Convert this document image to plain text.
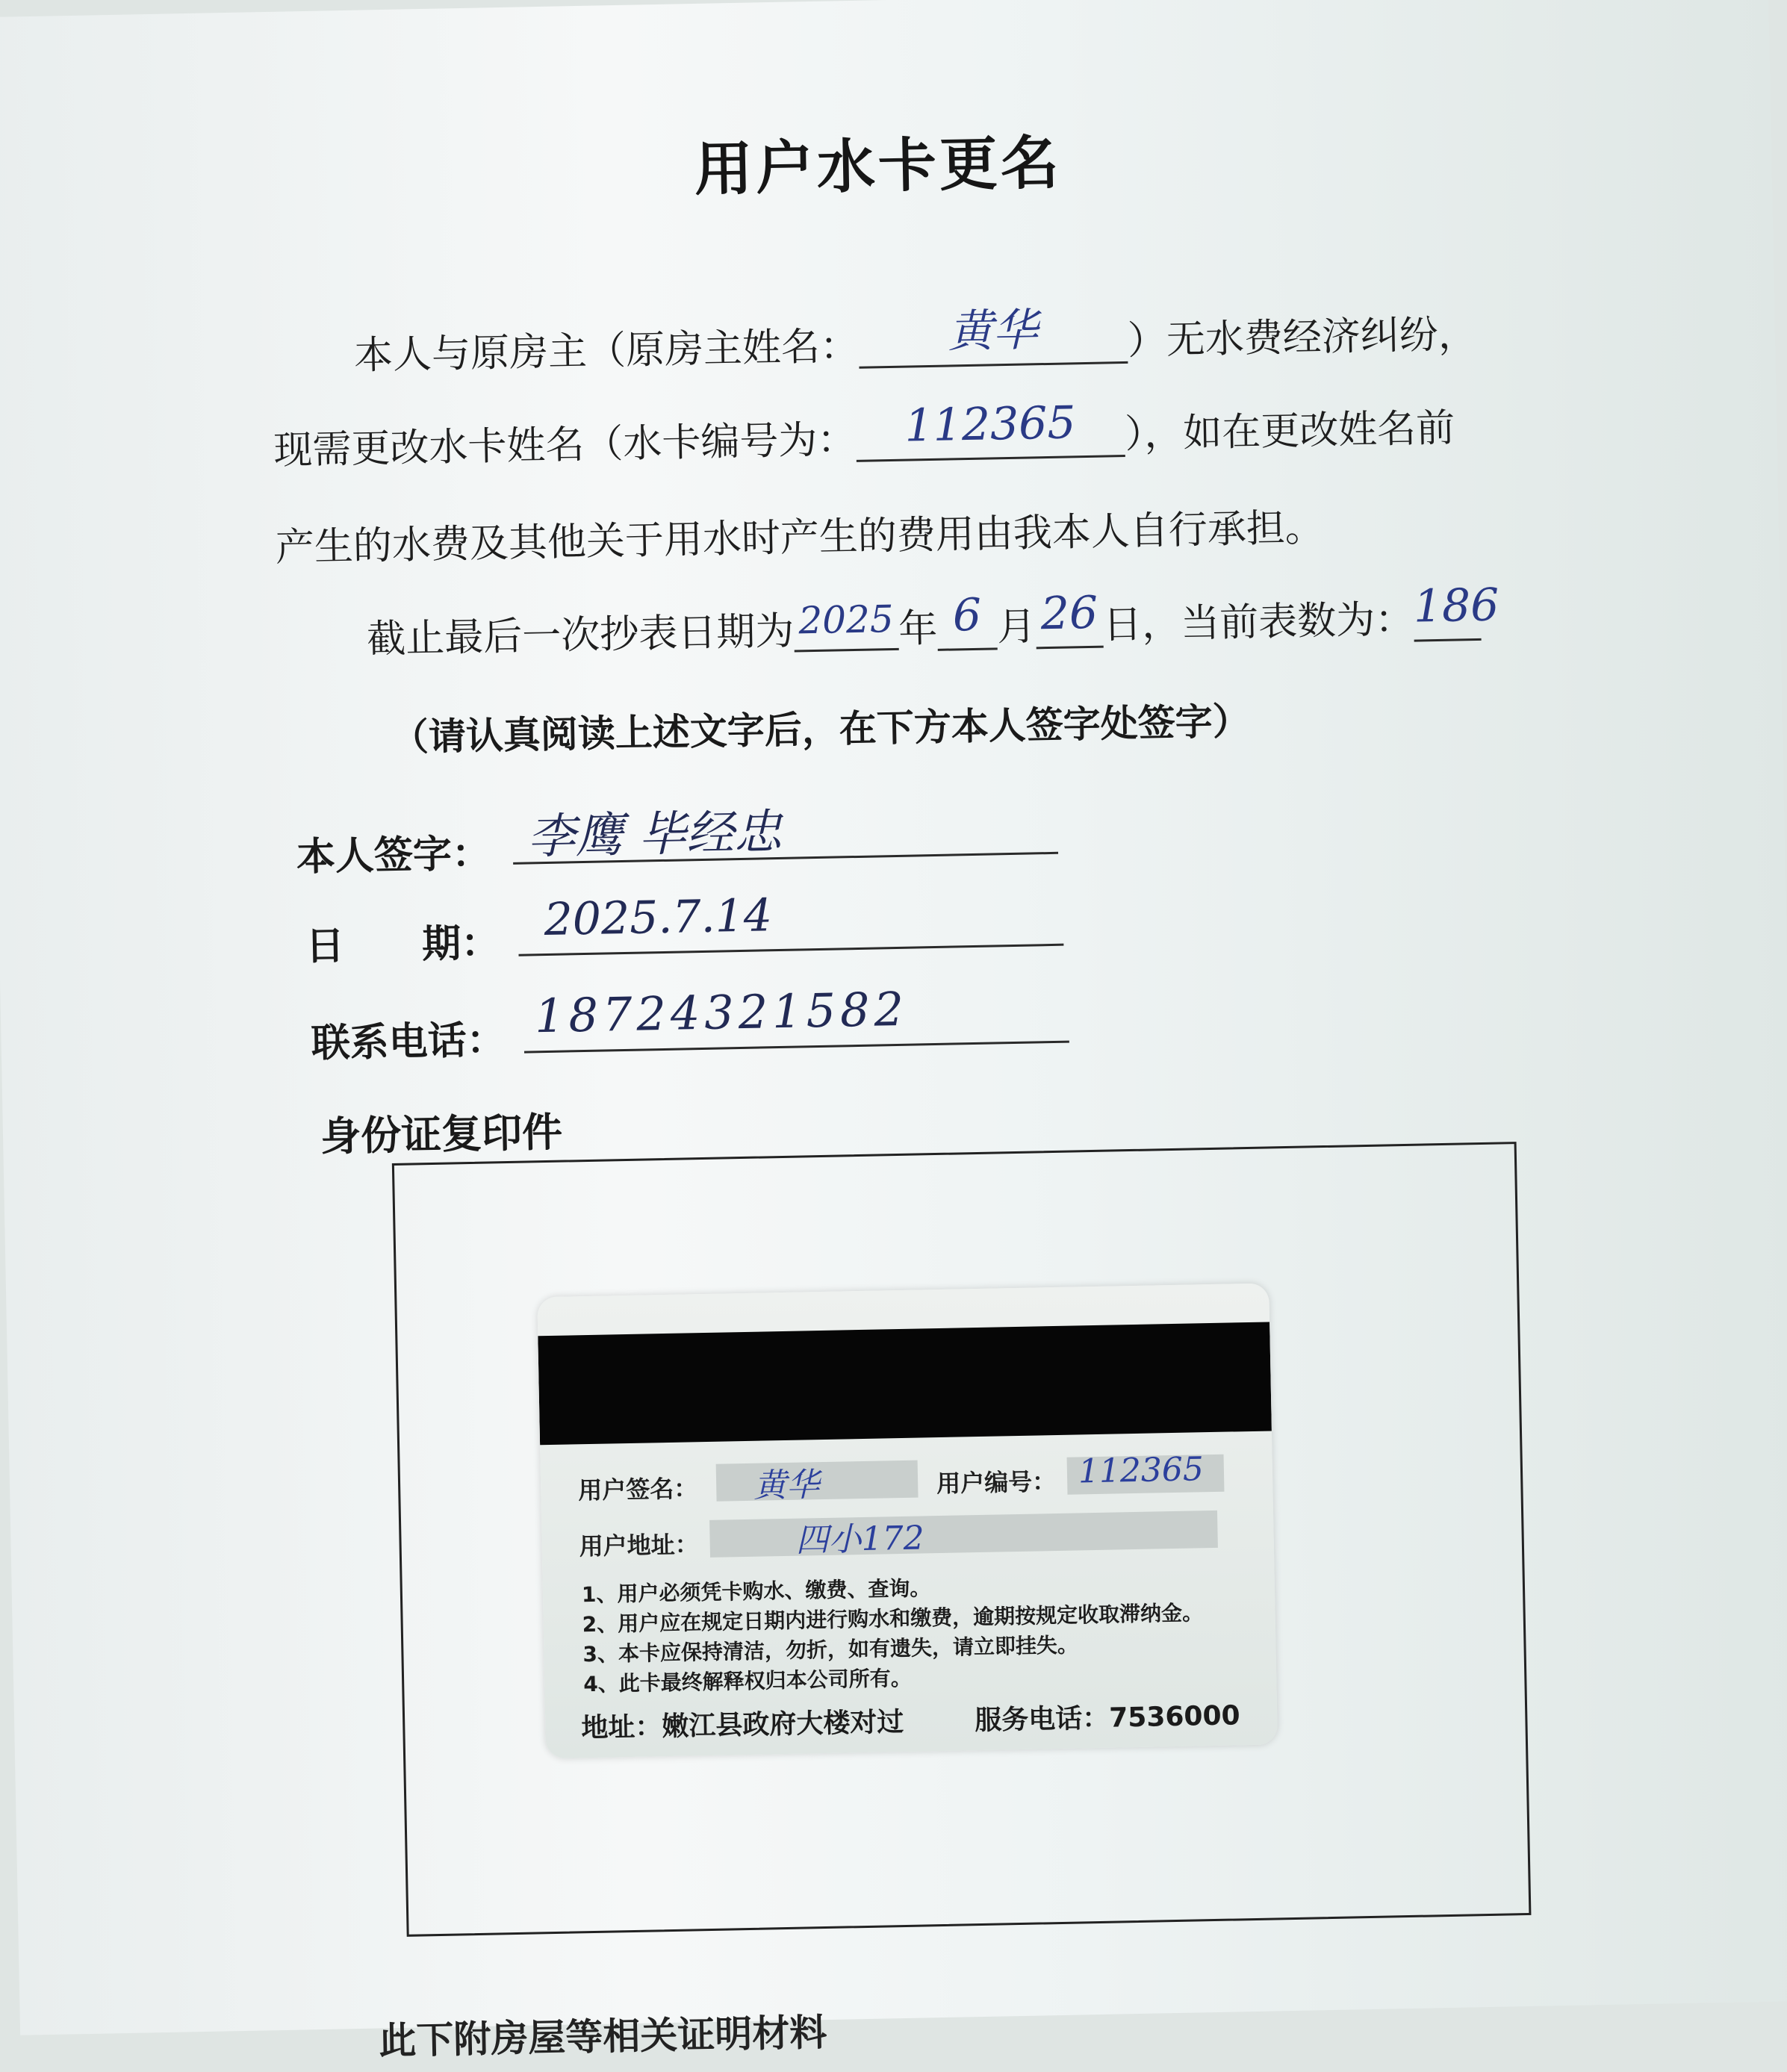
用户水卡更名
本人与原房主（原房主姓名： 黄华 ）无水费经济纠纷，
现需更改水卡姓名（水卡编号为： 112365 ），如在更改姓名前
产生的水费及其他关于用水时产生的费用由我本人自行承担。
截止最后一次抄表日期为2025 年 6 月26 日，当前表数为：186
（请认真阅读上述文字后，在下方本人签字处签字）
本人签字： 李鹰 毕经忠
日　　期： 2025.7.14
联系电话： 18724321582
身份证复印件
用户签名： 黄华	用户编号： 112365
用户地址：	四小172
1、用户必须凭卡购水、缴费、查询。
2、用户应在规定日期内进行购水和缴费，逾期按规定收取滞纳金。
3、本卡应保持清洁，勿折，如有遗失，请立即挂失。
4、此卡最终解释权归本公司所有。
地址：嫩江县政府大楼对过	服务电话：7536000
此下附房屋等相关证明材料
